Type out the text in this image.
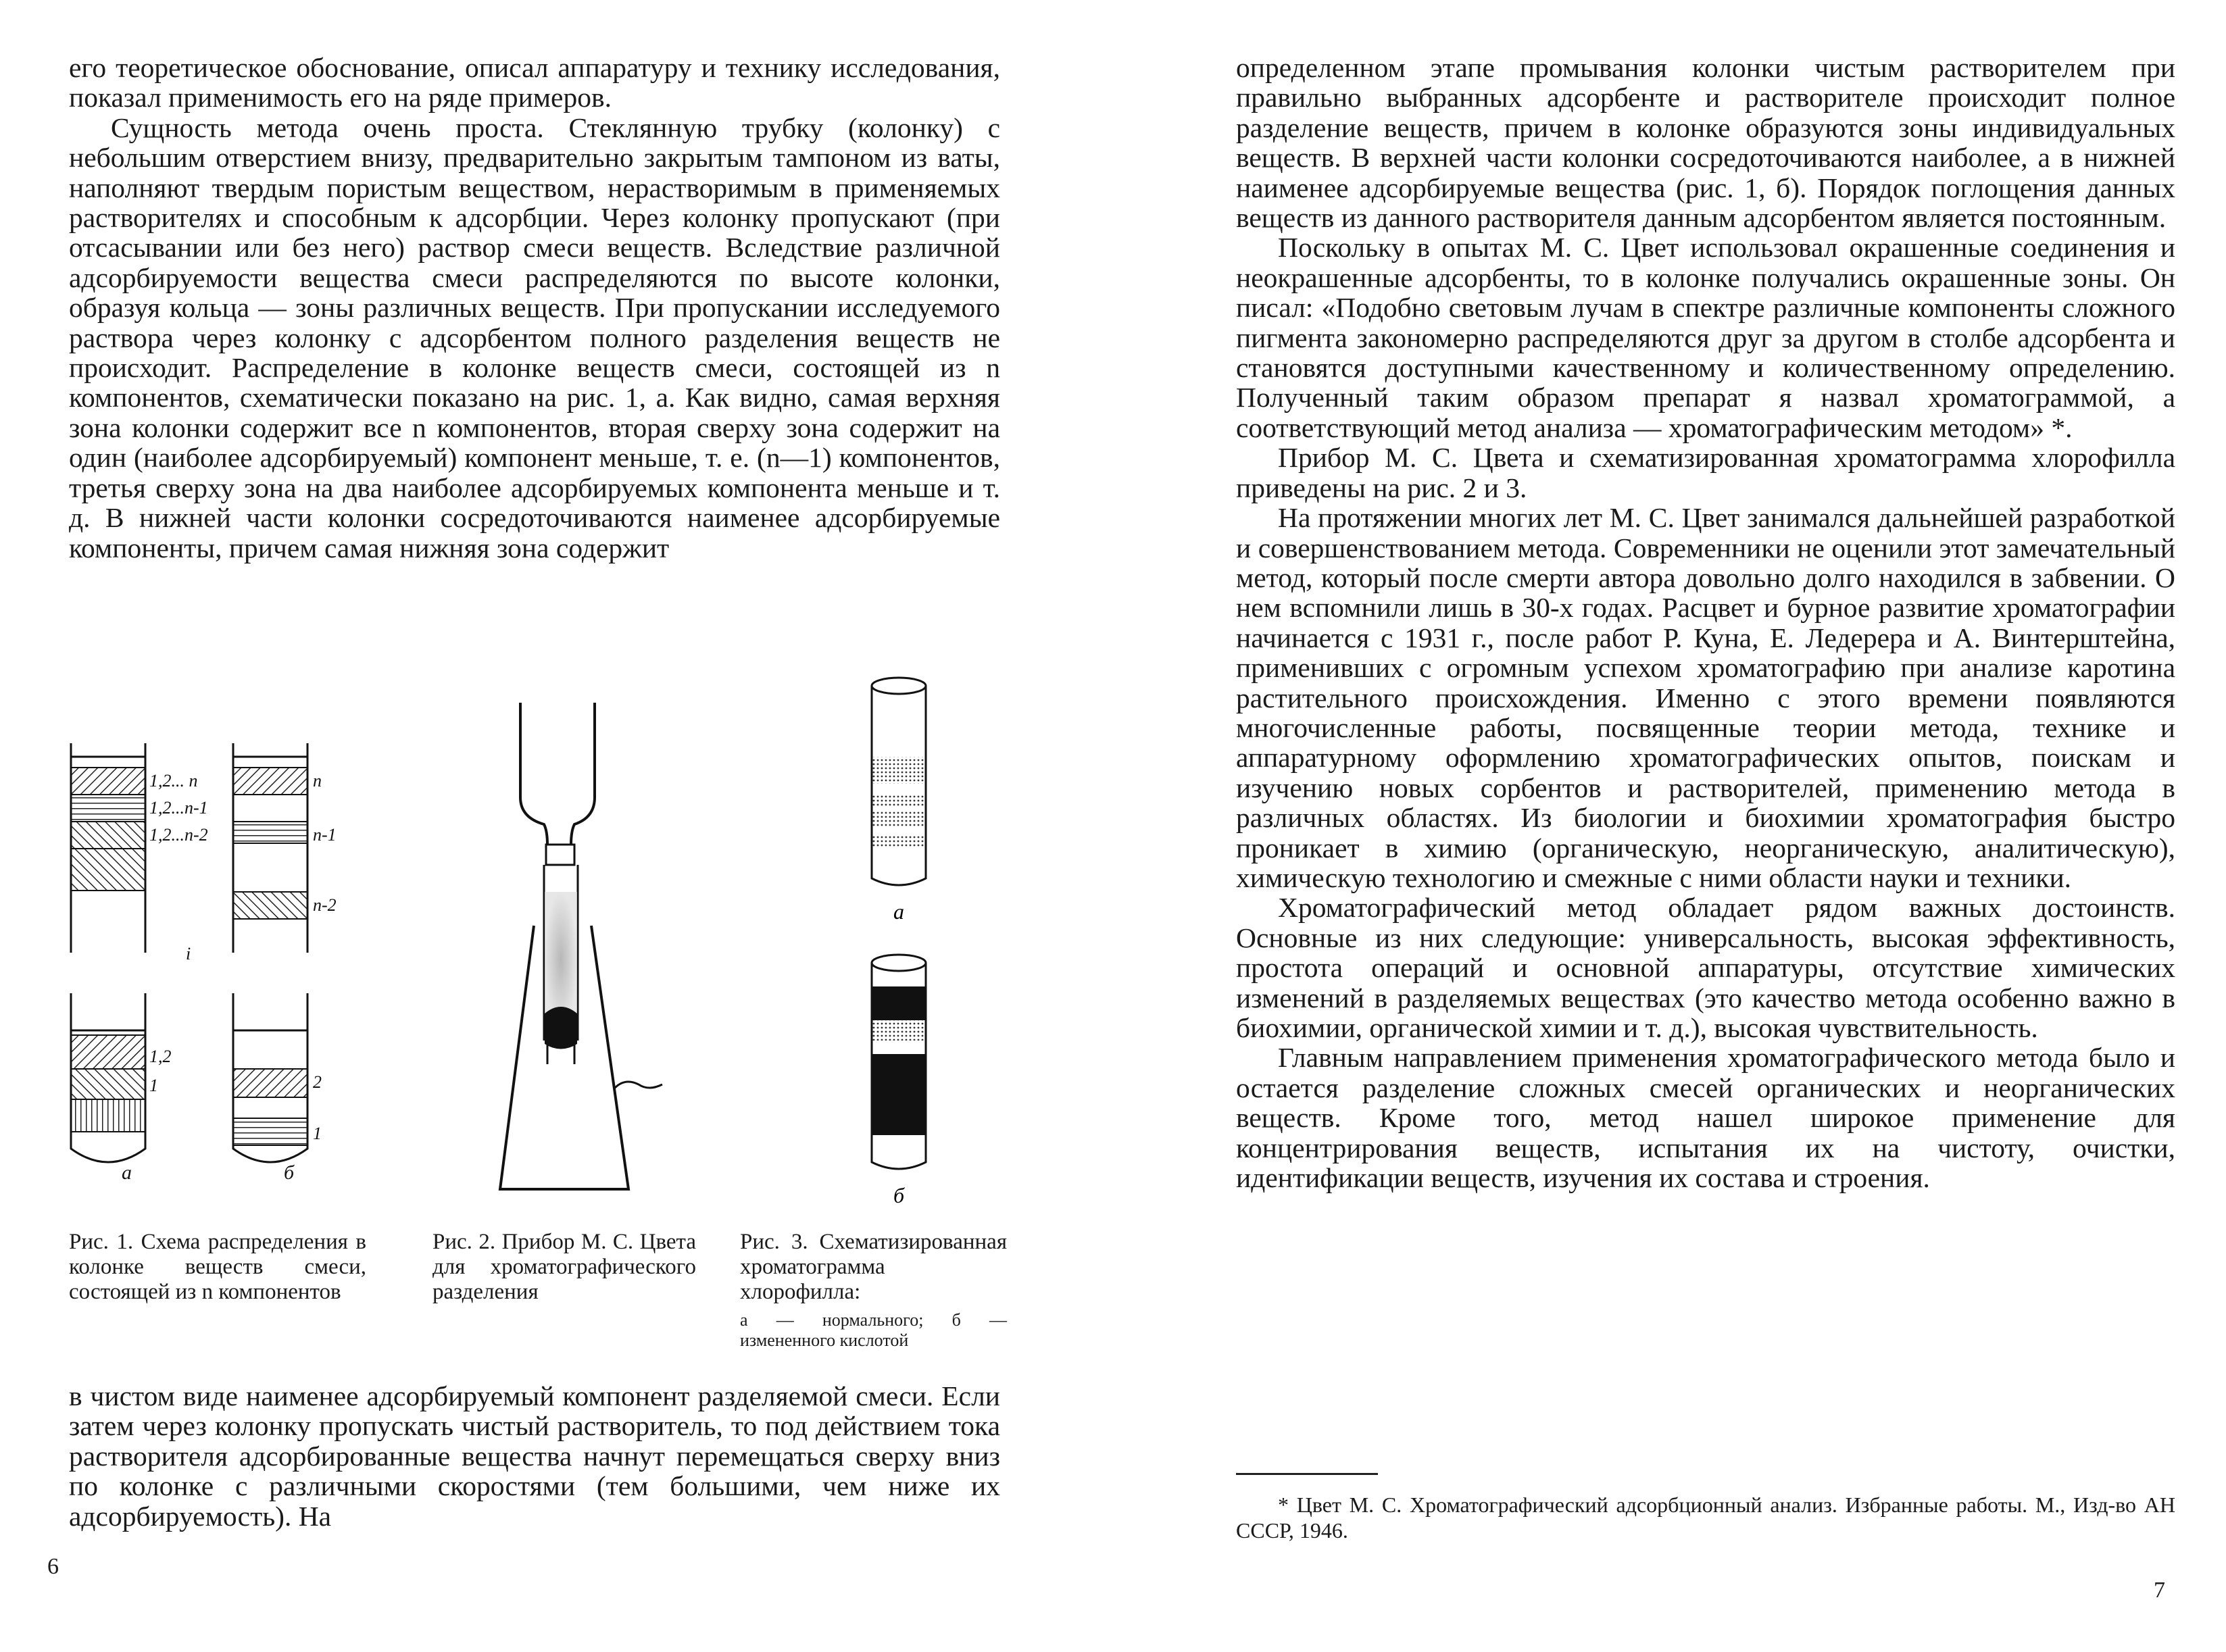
его теоретическое обоснование, описал аппаратуру и технику исследования, показал применимость его на ряде примеров.

Сущность метода очень проста. Стеклянную трубку (колонку) с небольшим отверстием внизу, предварительно закрытым тампоном из ваты, наполняют твердым пористым веществом, нерастворимым в применяемых растворителях и способным к адсорбции. Через колонку пропускают (при отсасывании или без него) раствор смеси веществ. Вследствие различной адсорбируемости вещества смеси распределяются по высоте колонки, образуя кольца — зоны различных веществ. При пропускании исследуемого раствора через колонку с адсорбентом полного разделения веществ не происходит. Распределение в колонке веществ смеси, состоящей из n компонентов, схематически показано на рис. 1, a. Как видно, самая верхняя зона колонки содержит все n компонентов, вторая сверху зона содержит на один (наиболее адсорбируемый) компонент меньше, т. е. (n—1) компонентов, третья сверху зона на два наиболее адсорбируемых компонента меньше и т. д. В нижней части колонки сосредоточиваются наименее адсорбируемые компоненты, причем самая нижняя зона содержит

1,2... n
1,2...n-1
1,2...n-2
1,2
1
n
n-1
n-2
2
1
i
а	б
Рис. 1. Схема распределения в колонке веществ смеси, состоящей из n компонентов
Рис. 2. Прибор М. С. Цвета для хроматографического разделения
а
б
Рис. 3. Схематизированная хроматограмма хлорофилла:
а — нормального; б — измененного кислотой

в чистом виде наименее адсорбируемый компонент разделяемой смеси. Если затем через колонку пропускать чистый растворитель, то под действием тока растворителя адсорбированные вещества начнут перемещаться сверху вниз по колонке с различными скоростями (тем большими, чем ниже их адсорбируемость). На

6

определенном этапе промывания колонки чистым растворителем при правильно выбранных адсорбенте и растворителе происходит полное разделение веществ, причем в колонке образуются зоны индивидуальных веществ. В верхней части колонки сосредоточиваются наиболее, а в нижней наименее адсорбируемые вещества (рис. 1, б). Порядок поглощения данных веществ из данного растворителя данным адсорбентом является постоянным.

Поскольку в опытах М. С. Цвет использовал окрашенные соединения и неокрашенные адсорбенты, то в колонке получались окрашенные зоны. Он писал: «Подобно световым лучам в спектре различные компоненты сложного пигмента закономерно распределяются друг за другом в столбе адсорбента и становятся доступными качественному и количественному определению. Полученный таким образом препарат я назвал хроматограммой, а соответствующий метод анализа — хроматографическим методом» *.

Прибор М. С. Цвета и схематизированная хроматограмма хлорофилла приведены на рис. 2 и 3.

На протяжении многих лет М. С. Цвет занимался дальнейшей разработкой и совершенствованием метода. Современники не оценили этот замечательный метод, который после смерти автора довольно долго находился в забвении. О нем вспомнили лишь в 30-х годах. Расцвет и бурное развитие хроматографии начинается с 1931 г., после работ Р. Куна, Е. Ледерера и А. Винтерштейна, применивших с огромным успехом хроматографию при анализе каротина растительного происхождения. Именно с этого времени появляются многочисленные работы, посвященные теории метода, технике и аппаратурному оформлению хроматографических опытов, поискам и изучению новых сорбентов и растворителей, применению метода в различных областях. Из биологии и биохимии хроматография быстро проникает в химию (органическую, неорганическую, аналитическую), химическую технологию и смежные с ними области науки и техники.

Хроматографический метод обладает рядом важных достоинств. Основные из них следующие: универсальность, высокая эффективность, простота операций и основной аппаратуры, отсутствие химических изменений в разделяемых веществах (это качество метода особенно важно в биохимии, органической химии и т. д.), высокая чувствительность.

Главным направлением применения хроматографического метода было и остается разделение сложных смесей органических и неорганических веществ. Кроме того, метод нашел широкое применение для концентрирования веществ, испытания их на чистоту, очистки, идентификации веществ, изучения их состава и строения.

* Цвет М. С. Хроматографический адсорбционный анализ. Избранные работы. М., Изд-во АН СССР, 1946.
7
